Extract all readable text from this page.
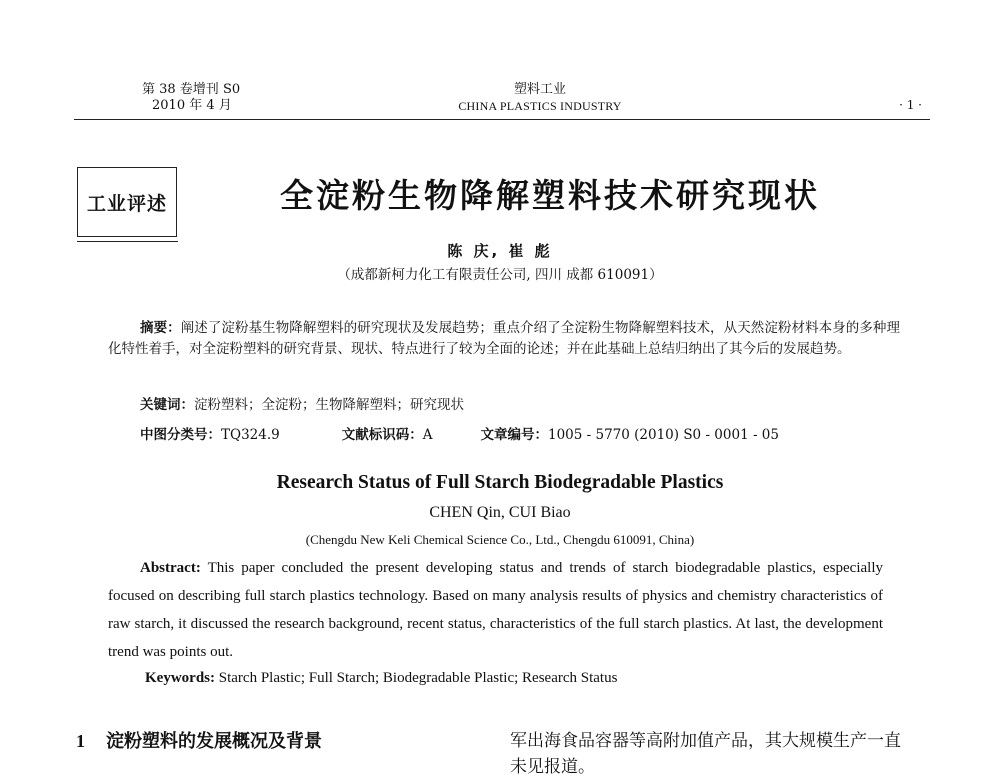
第 38 卷增刊 S0
2010 年 4 月
塑料工业
CHINA PLASTICS INDUSTRY	· 1 ·
工业评述	全淀粉生物降解塑料技术研究现状
陈 庆, 崔 彪
（成都新柯力化工有限责任公司, 四川 成都 610091）
摘要：阐述了淀粉基生物降解塑料的研究现状及发展趋势；重点介绍了全淀粉生物降解塑料技术，从天然淀粉材料本身的多种理化特性着手，对全淀粉塑料的研究背景、现状、特点进行了较为全面的论述；并在此基础上总结归纳出了其今后的发展趋势。
关键词：淀粉塑料；全淀粉；生物降解塑料；研究现状
中图分类号：TQ324.9	文献标识码：A	文章编号：1005 - 5770 (2010) S0 - 0001 - 05
Research Status of Full Starch Biodegradable Plastics
CHEN Qin, CUI Biao
(Chengdu New Keli Chemical Science Co., Ltd., Chengdu 610091, China)
Abstract: This paper concluded the present developing status and trends of starch biodegradable plastics, especially focused on describing full starch plastics technology. Based on many analysis results of physics and chemistry characteristics of raw starch, it discussed the research background, recent status, characteristics of the full starch plastics. At last, the development trend was points out.
Keywords: Starch Plastic; Full Starch; Biodegradable Plastic; Research Status
1 淀粉塑料的发展概况及背景	军出海食品容器等高附加值产品，其大规模生产一直
未见报道。
